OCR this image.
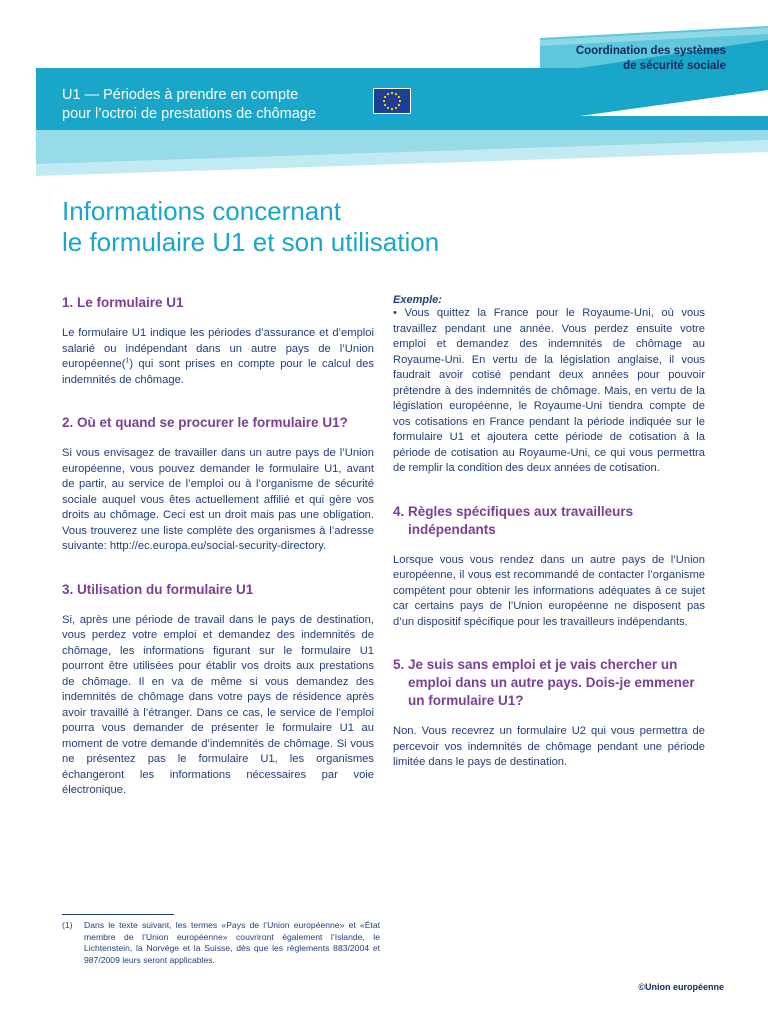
Coordination des systèmes
de sécurité sociale
U1 — Périodes à prendre en compte
pour l’octroi de prestations de chômage
Informations concernant
le formulaire U1 et son utilisation
1. Le formulaire U1

Le formulaire U1 indique les périodes d’assurance et d’emploi salarié ou indépendant dans un autre pays de l’Union européenne($^1$) qui sont prises en compte pour le calcul des indemnités de chômage.

2. Où et quand se procurer le formulaire U1?

Si vous envisagez de travailler dans un autre pays de l’Union européenne, vous pouvez demander le formulaire U1, avant de partir, au service de l’emploi ou à l’organisme de sécurité sociale auquel vous êtes actuellement affilié et qui gère vos droits au chômage. Ceci est un droit mais pas une obligation. Vous trouverez une liste complète des organismes à l’adresse suivante: http://ec.europa.eu/social-security-directory.

3. Utilisation du formulaire U1

Si, après une période de travail dans le pays de destination, vous perdez votre emploi et demandez des indemnités de chômage, les informations figurant sur le formulaire U1 pourront être utilisées pour établir vos droits aux prestations de chômage. Il en va de même si vous demandez des indemnités de chômage dans votre pays de résidence après avoir travaillé à l’étranger. Dans ce cas, le service de l’emploi pourra vous demander de présenter le formulaire U1 au moment de votre demande d’indemnités de chômage. Si vous ne présentez pas le formulaire U1, les organismes échangeront les informations nécessaires par voie électronique.

Exemple:

• Vous quittez la France pour le Royaume-Uni, où vous travaillez pendant une année. Vous perdez ensuite votre emploi et demandez des indemnités de chômage au Royaume-Uni. En vertu de la législation anglaise, il vous faudrait avoir cotisé pendant deux années pour pouvoir prétendre à des indemnités de chômage. Mais, en vertu de la législation européenne, le Royaume-Uni tiendra compte de vos cotisations en France pendant la période indiquée sur le formulaire U1 et ajoutera cette période de cotisation à la période de cotisation au Royaume-Uni, ce qui vous permettra de remplir la condition des deux années de cotisation.

4. Règles spécifiques aux travailleurs indépendants

Lorsque vous vous rendez dans un autre pays de l’Union européenne, il vous est recommandé de contacter l’organisme compétent pour obtenir les informations adéquates à ce sujet car certains pays de l’Union européenne ne disposent pas d’un dispositif spécifique pour les travailleurs indépendants.

5. Je suis sans emploi et je vais chercher un emploi dans un autre pays. Dois-je emmener un formulaire U1?

Non. Vous recevrez un formulaire U2 qui vous permettra de percevoir vos indemnités de chômage pendant une période limitée dans le pays de destination.

(1) Dans le texte suivant, les termes «Pays de l’Union européenne» et «État membre de l’Union européenne» couvriront également l’Islande, le Lichtenstein, la Norvège et la Suisse, dès que les règlements 883/2004 et 987/2009 leurs seront applicables.
©Union européenne
